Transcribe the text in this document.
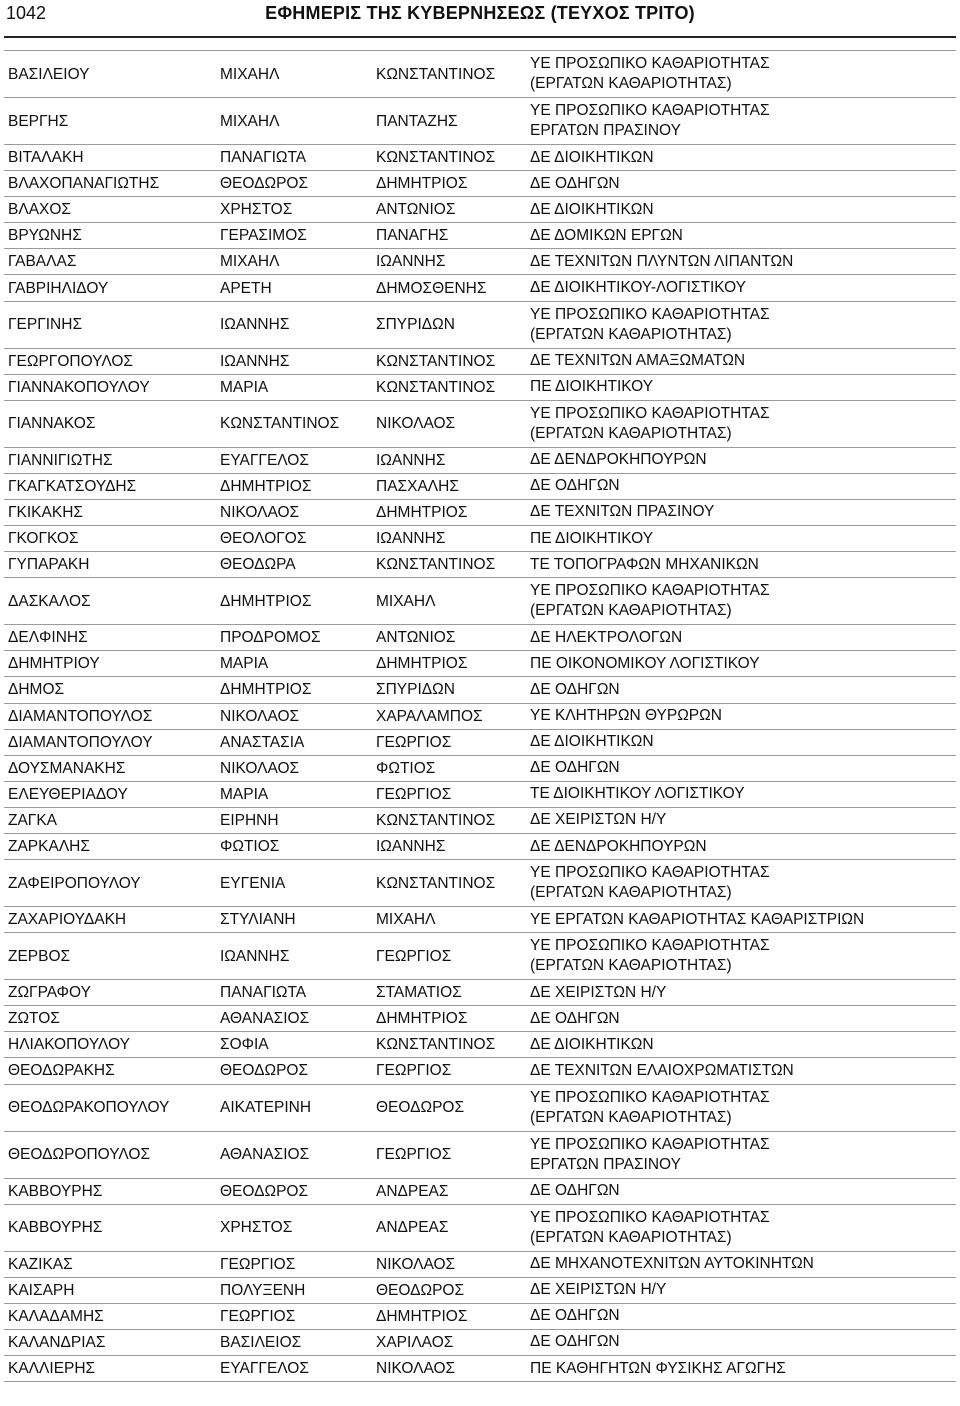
1042	ΕΦΗΜΕΡΙΣ ΤΗΣ ΚΥΒΕΡΝΗΣΕΩΣ (ΤΕΥΧΟΣ ΤΡΙΤΟ)
ΒΑΣΙΛΕΙΟΥ	ΜΙΧΑΗΛ	ΚΩΝΣΤΑΝΤΙΝΟΣ	ΥΕ ΠΡΟΣΩΠΙΚΟ ΚΑΘΑΡΙΟΤΗΤΑΣ
(ΕΡΓΑΤΩΝ ΚΑΘΑΡΙΟΤΗΤΑΣ)
ΒΕΡΓΗΣ	ΜΙΧΑΗΛ	ΠΑΝΤΑΖΗΣ	ΥΕ ΠΡΟΣΩΠΙΚΟ ΚΑΘΑΡΙΟΤΗΤΑΣ
ΕΡΓΑΤΩΝ ΠΡΑΣΙΝΟΥ
ΒΙΤΑΛΑΚΗ	ΠΑΝΑΓΙΩΤΑ	ΚΩΝΣΤΑΝΤΙΝΟΣ	ΔΕ ΔΙΟΙΚΗΤΙΚΩΝ
ΒΛΑΧΟΠΑΝΑΓΙΩΤΗΣ	ΘΕΟΔΩΡΟΣ	ΔΗΜΗΤΡΙΟΣ	ΔΕ ΟΔΗΓΩΝ
ΒΛΑΧΟΣ	ΧΡΗΣΤΟΣ	ΑΝΤΩΝΙΟΣ	ΔΕ ΔΙΟΙΚΗΤΙΚΩΝ
ΒΡΥΩΝΗΣ	ΓΕΡΑΣΙΜΟΣ	ΠΑΝΑΓΗΣ	ΔΕ ΔΟΜΙΚΩΝ ΕΡΓΩΝ
ΓΑΒΑΛΑΣ	ΜΙΧΑΗΛ	ΙΩΑΝΝΗΣ	ΔΕ ΤΕΧΝΙΤΩΝ ΠΛΥΝΤΩΝ ΛΙΠΑΝΤΩΝ
ΓΑΒΡΙΗΛΙΔΟΥ	ΑΡΕΤΗ	ΔΗΜΟΣΘΕΝΗΣ	ΔΕ ΔΙΟΙΚΗΤΙΚΟΥ-ΛΟΓΙΣΤΙΚΟΥ
ΓΕΡΓΙΝΗΣ	ΙΩΑΝΝΗΣ	ΣΠΥΡΙΔΩΝ	ΥΕ ΠΡΟΣΩΠΙΚΟ ΚΑΘΑΡΙΟΤΗΤΑΣ
(ΕΡΓΑΤΩΝ ΚΑΘΑΡΙΟΤΗΤΑΣ)
ΓΕΩΡΓΟΠΟΥΛΟΣ	ΙΩΑΝΝΗΣ	ΚΩΝΣΤΑΝΤΙΝΟΣ	ΔΕ ΤΕΧΝΙΤΩΝ ΑΜΑΞΩΜΑΤΩΝ
ΓΙΑΝΝΑΚΟΠΟΥΛΟΥ	ΜΑΡΙΑ	ΚΩΝΣΤΑΝΤΙΝΟΣ	ΠΕ ΔΙΟΙΚΗΤΙΚΟΥ
ΓΙΑΝΝΑΚΟΣ	ΚΩΝΣΤΑΝΤΙΝΟΣ	ΝΙΚΟΛΑΟΣ	ΥΕ ΠΡΟΣΩΠΙΚΟ ΚΑΘΑΡΙΟΤΗΤΑΣ
(ΕΡΓΑΤΩΝ ΚΑΘΑΡΙΟΤΗΤΑΣ)
ΓΙΑΝΝΙΓΙΩΤΗΣ	ΕΥΑΓΓΕΛΟΣ	ΙΩΑΝΝΗΣ	ΔΕ ΔΕΝΔΡΟΚΗΠΟΥΡΩΝ
ΓΚΑΓΚΑΤΣΟΥΔΗΣ	ΔΗΜΗΤΡΙΟΣ	ΠΑΣΧΑΛΗΣ	ΔΕ ΟΔΗΓΩΝ
ΓΚΙΚΑΚΗΣ	ΝΙΚΟΛΑΟΣ	ΔΗΜΗΤΡΙΟΣ	ΔΕ ΤΕΧΝΙΤΩΝ ΠΡΑΣΙΝΟΥ
ΓΚΟΓΚΟΣ	ΘΕΟΛΟΓΟΣ	ΙΩΑΝΝΗΣ	ΠΕ ΔΙΟΙΚΗΤΙΚΟΥ
ΓΥΠΑΡΑΚΗ	ΘΕΟΔΩΡΑ	ΚΩΝΣΤΑΝΤΙΝΟΣ	ΤΕ ΤΟΠΟΓΡΑΦΩΝ ΜΗΧΑΝΙΚΩΝ
ΔΑΣΚΑΛΟΣ	ΔΗΜΗΤΡΙΟΣ	ΜΙΧΑΗΛ	ΥΕ ΠΡΟΣΩΠΙΚΟ ΚΑΘΑΡΙΟΤΗΤΑΣ
(ΕΡΓΑΤΩΝ ΚΑΘΑΡΙΟΤΗΤΑΣ)
ΔΕΛΦΙΝΗΣ	ΠΡΟΔΡΟΜΟΣ	ΑΝΤΩΝΙΟΣ	ΔΕ ΗΛΕΚΤΡΟΛΟΓΩΝ
ΔΗΜΗΤΡΙΟΥ	ΜΑΡΙΑ	ΔΗΜΗΤΡΙΟΣ	ΠΕ ΟΙΚΟΝΟΜΙΚΟΥ ΛΟΓΙΣΤΙΚΟΥ
ΔΗΜΟΣ	ΔΗΜΗΤΡΙΟΣ	ΣΠΥΡΙΔΩΝ	ΔΕ ΟΔΗΓΩΝ
ΔΙΑΜΑΝΤΟΠΟΥΛΟΣ	ΝΙΚΟΛΑΟΣ	ΧΑΡΑΛΑΜΠΟΣ	ΥΕ ΚΛΗΤΗΡΩΝ ΘΥΡΩΡΩΝ
ΔΙΑΜΑΝΤΟΠΟΥΛΟΥ	ΑΝΑΣΤΑΣΙΑ	ΓΕΩΡΓΙΟΣ	ΔΕ ΔΙΟΙΚΗΤΙΚΩΝ
ΔΟΥΣΜΑΝΑΚΗΣ	ΝΙΚΟΛΑΟΣ	ΦΩΤΙΟΣ	ΔΕ ΟΔΗΓΩΝ
ΕΛΕΥΘΕΡΙΑΔΟΥ	ΜΑΡΙΑ	ΓΕΩΡΓΙΟΣ	ΤΕ ΔΙΟΙΚΗΤΙΚΟΥ ΛΟΓΙΣΤΙΚΟΥ
ΖΑΓΚΑ	ΕΙΡΗΝΗ	ΚΩΝΣΤΑΝΤΙΝΟΣ	ΔΕ ΧΕΙΡΙΣΤΩΝ Η/Υ
ΖΑΡΚΑΛΗΣ	ΦΩΤΙΟΣ	ΙΩΑΝΝΗΣ	ΔΕ ΔΕΝΔΡΟΚΗΠΟΥΡΩΝ
ΖΑΦΕΙΡΟΠΟΥΛΟΥ	ΕΥΓΕΝΙΑ	ΚΩΝΣΤΑΝΤΙΝΟΣ	ΥΕ ΠΡΟΣΩΠΙΚΟ ΚΑΘΑΡΙΟΤΗΤΑΣ
(ΕΡΓΑΤΩΝ ΚΑΘΑΡΙΟΤΗΤΑΣ)
ΖΑΧΑΡΙΟΥΔΑΚΗ	ΣΤΥΛΙΑΝΗ	ΜΙΧΑΗΛ	ΥΕ ΕΡΓΑΤΩΝ ΚΑΘΑΡΙΟΤΗΤΑΣ ΚΑΘΑΡΙΣΤΡΙΩΝ
ΖΕΡΒΟΣ	ΙΩΑΝΝΗΣ	ΓΕΩΡΓΙΟΣ	ΥΕ ΠΡΟΣΩΠΙΚΟ ΚΑΘΑΡΙΟΤΗΤΑΣ
(ΕΡΓΑΤΩΝ ΚΑΘΑΡΙΟΤΗΤΑΣ)
ΖΩΓΡΑΦΟΥ	ΠΑΝΑΓΙΩΤΑ	ΣΤΑΜΑΤΙΟΣ	ΔΕ ΧΕΙΡΙΣΤΩΝ Η/Υ
ΖΩΤΟΣ	ΑΘΑΝΑΣΙΟΣ	ΔΗΜΗΤΡΙΟΣ	ΔΕ ΟΔΗΓΩΝ
ΗΛΙΑΚΟΠΟΥΛΟΥ	ΣΟΦΙΑ	ΚΩΝΣΤΑΝΤΙΝΟΣ	ΔΕ ΔΙΟΙΚΗΤΙΚΩΝ
ΘΕΟΔΩΡΑΚΗΣ	ΘΕΟΔΩΡΟΣ	ΓΕΩΡΓΙΟΣ	ΔΕ ΤΕΧΝΙΤΩΝ ΕΛΑΙΟΧΡΩΜΑΤΙΣΤΩΝ
ΘΕΟΔΩΡΑΚΟΠΟΥΛΟΥ	ΑΙΚΑΤΕΡΙΝΗ	ΘΕΟΔΩΡΟΣ	ΥΕ ΠΡΟΣΩΠΙΚΟ ΚΑΘΑΡΙΟΤΗΤΑΣ
(ΕΡΓΑΤΩΝ ΚΑΘΑΡΙΟΤΗΤΑΣ)
ΘΕΟΔΩΡΟΠΟΥΛΟΣ	ΑΘΑΝΑΣΙΟΣ	ΓΕΩΡΓΙΟΣ	ΥΕ ΠΡΟΣΩΠΙΚΟ ΚΑΘΑΡΙΟΤΗΤΑΣ
ΕΡΓΑΤΩΝ ΠΡΑΣΙΝΟΥ
ΚΑΒΒΟΥΡΗΣ	ΘΕΟΔΩΡΟΣ	ΑΝΔΡΕΑΣ	ΔΕ ΟΔΗΓΩΝ
ΚΑΒΒΟΥΡΗΣ	ΧΡΗΣΤΟΣ	ΑΝΔΡΕΑΣ	ΥΕ ΠΡΟΣΩΠΙΚΟ ΚΑΘΑΡΙΟΤΗΤΑΣ
(ΕΡΓΑΤΩΝ ΚΑΘΑΡΙΟΤΗΤΑΣ)
ΚΑΖΙΚΑΣ	ΓΕΩΡΓΙΟΣ	ΝΙΚΟΛΑΟΣ	ΔΕ ΜΗΧΑΝΟΤΕΧΝΙΤΩΝ ΑΥΤΟΚΙΝΗΤΩΝ
ΚΑΙΣΑΡΗ	ΠΟΛΥΞΕΝΗ	ΘΕΟΔΩΡΟΣ	ΔΕ ΧΕΙΡΙΣΤΩΝ Η/Υ
ΚΑΛΑΔΑΜΗΣ	ΓΕΩΡΓΙΟΣ	ΔΗΜΗΤΡΙΟΣ	ΔΕ ΟΔΗΓΩΝ
ΚΑΛΑΝΔΡΙΑΣ	ΒΑΣΙΛΕΙΟΣ	ΧΑΡΙΛΑΟΣ	ΔΕ ΟΔΗΓΩΝ
ΚΑΛΛΙΕΡΗΣ	ΕΥΑΓΓΕΛΟΣ	ΝΙΚΟΛΑΟΣ	ΠΕ ΚΑΘΗΓΗΤΩΝ ΦΥΣΙΚΗΣ ΑΓΩΓΗΣ
